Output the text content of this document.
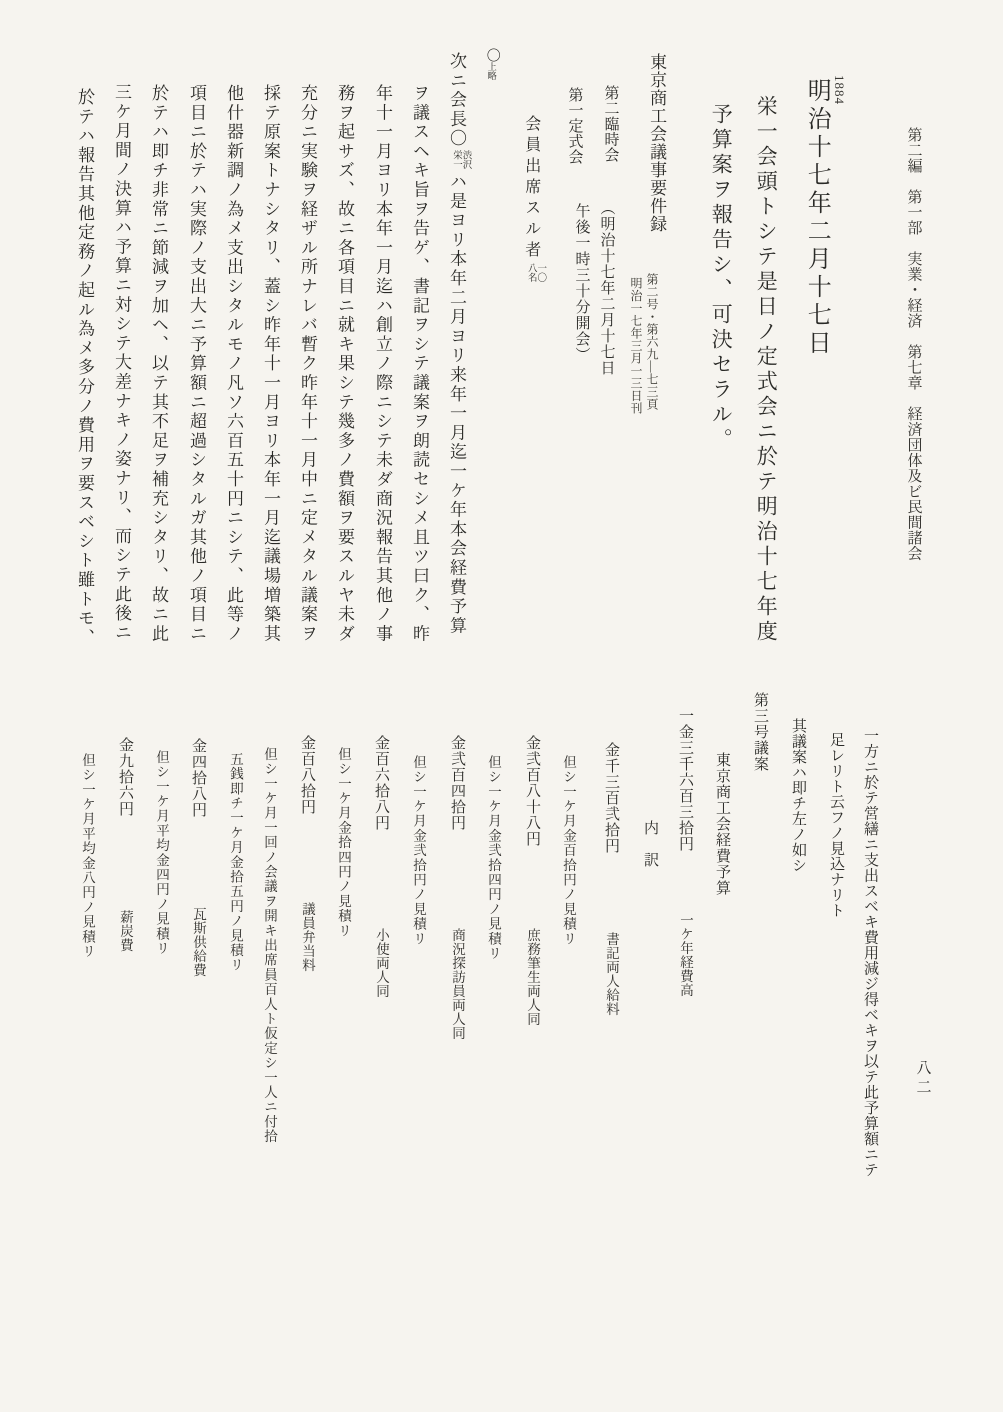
第二編　第一部　実業・経済　第七章　経済団体及ビ民間諸会
八二
1884
明治十七年二月十七日
栄一会頭トシテ是日ノ定式会ニ於テ明治十七年度
予算案ヲ報告シ、可決セラル。
東京商工会議事要件録
第二号・第六九—七三頁
明治一七年三月一三日刊
第二臨時会
（明治十七年二月十七日
午後一時三十分開会）
第一定式会
会員出席スル者一〇八名
〇上略
次ニ会長〇渋沢栄一ハ是ヨリ本年二月ヨリ来年一月迄一ケ年本会経費予算
ヲ議スヘキ旨ヲ告ゲ、書記ヲシテ議案ヲ朗読セシメ且ツ曰ク、昨
年十一月ヨリ本年一月迄ハ創立ノ際ニシテ未ダ商況報告其他ノ事
務ヲ起サズ、故ニ各項目ニ就キ果シテ幾多ノ費額ヲ要スルヤ未ダ
充分ニ実験ヲ経ザル所ナレバ暫ク昨年十一月中ニ定メタル議案ヲ
採テ原案トナシタリ、蓋シ昨年十一月ヨリ本年一月迄議場増築其
他什器新調ノ為メ支出シタルモノ凡ソ六百五十円ニシテ、此等ノ
項目ニ於テハ実際ノ支出大ニ予算額ニ超過シタルガ其他ノ項目ニ
於テハ即チ非常ニ節減ヲ加ヘ、以テ其不足ヲ補充シタリ、故ニ此
三ケ月間ノ決算ハ予算ニ対シテ大差ナキノ姿ナリ、而シテ此後ニ
於テハ報告其他定務ノ起ル為メ多分ノ費用ヲ要スベシト雖トモ、
一方ニ於テ営繕ニ支出スベキ費用減ジ得ベキヲ以テ此予算額ニテ
足レリト云フノ見込ナリト
其議案ハ即チ左ノ如シ
第三号議案
東京商工会経費予算
一金三千六百三拾円
一ケ年経費高
内　訳
金千三百弐拾円
書記両人給料
但シ一ケ月金百拾円ノ見積リ
金弐百八十八円
庶務筆生両人同
但シ一ケ月金弐拾四円ノ見積リ
金弐百四拾円
商況探訪員両人同
但シ一ケ月金弐拾円ノ見積リ
金百六拾八円
小使両人同
但シ一ケ月金拾四円ノ見積リ
金百八拾円
議員弁当料
但シ一ケ月一回ノ会議ヲ開キ出席員百人ト仮定シ一人ニ付拾
五銭即チ一ケ月金拾五円ノ見積リ
金四拾八円
瓦斯供給費
但シ一ケ月平均金四円ノ見積リ
金九拾六円
薪炭費
但シ一ケ月平均金八円ノ見積リ
